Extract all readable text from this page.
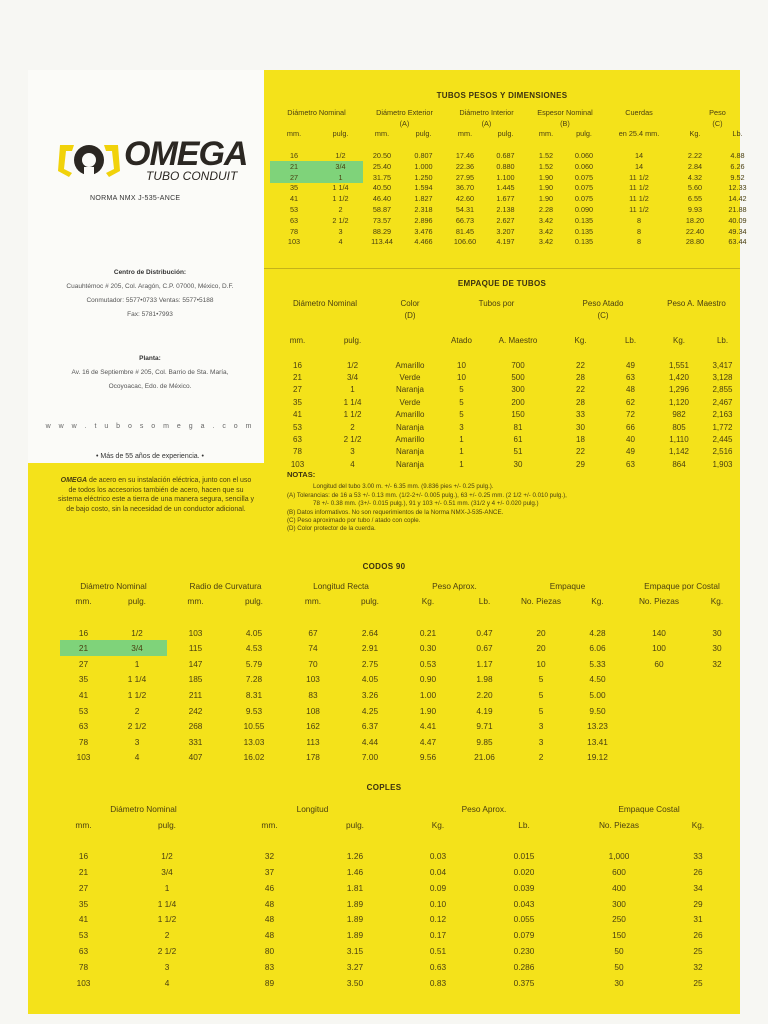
OMEGA
TUBO CONDUIT
NORMA NMX J-535-ANCE
Centro de Distribución:
Cuauhtémoc # 205, Col. Aragón, C.P. 07000, México, D.F.
Conmutador: 5577•0733 Ventas: 5577•5188
Fax: 5781•7993
Planta:
Av. 16 de Septiembre # 205, Col. Barrio de Sta. María,
Ocoyoacac, Edo. de México.
w w w . t u b o s o m e g a . c o m
• Más de 55 años de experiencia. •
OMEGA de acero en su instalación eléctrica, junto con el uso de todos los accesorios también de acero, hacen que su sistema eléctrico este a tierra de una manera segura, sencilla y de bajo costo, sin la necesidad de un conductor adicional.
TUBOS PESOS Y DIMENSIONES
Diámetro Nominal	Diámetro Exterior	Diámetro Interior	Espesor Nominal	Cuerdas	Peso
(A)	(A)	(B)	(C)
mm.	pulg.	mm.	pulg.	mm.	pulg.	mm.	pulg.	en 25.4 mm.	Kg.	Lb.
16	1/2	20.50	0.807	17.46	0.687	1.52	0.060	14	2.22	4.88
21	3/4	25.40	1.000	22.36	0.880	1.52	0.060	14	2.84	6.26
27	1	31.75	1.250	27.95	1.100	1.90	0.075	11 1/2	4.32	9.52
35	1 1/4	40.50	1.594	36.70	1.445	1.90	0.075	11 1/2	5.60	12.33
41	1 1/2	46.40	1.827	42.60	1.677	1.90	0.075	11 1/2	6.55	14.42
53	2	58.87	2.318	54.31	2.138	2.28	0.090	11 1/2	9.93	21.88
63	2 1/2	73.57	2.896	66.73	2.627	3.42	0.135	8	18.20	40.09
78	3	88.29	3.476	81.45	3.207	3.42	0.135	8	22.40	49.34
103	4	113.44	4.466	106.60	4.197	3.42	0.135	8	28.80	63.44
EMPAQUE DE TUBOS
Diámetro Nominal	Color	Tubos por	Peso Atado	Peso A. Maestro
(D)	(C)
mm.	pulg.	Atado	A. Maestro	Kg.	Lb.	Kg.	Lb.
16	1/2	Amarillo	10	700	22	49	1,551	3,417
21	3/4	Verde	10	500	28	63	1,420	3,128
27	1	Naranja	5	300	22	48	1,296	2,855
35	1 1/4	Verde	5	200	28	62	1,120	2,467
41	1 1/2	Amarillo	5	150	33	72	982	2,163
53	2	Naranja	3	81	30	66	805	1,772
63	2 1/2	Amarillo	1	61	18	40	1,110	2,445
78	3	Naranja	1	51	22	49	1,142	2,516
103	4	Naranja	1	30	29	63	864	1,903
NOTAS:
Longitud del tubo 3.00 m. +/- 6.35 mm. (9.836 pies +/- 0.25 pulg.).
(A) Tolerancias: de 16 a 53 +/- 0.13 mm. (1/2-2+/- 0.005 pulg.), 63 +/- 0.25 mm. (2 1/2 +/- 0.010 pulg.),
78 +/- 0.38 mm. (3+/- 0.015 pulg.), 91 y 103 +/- 0.51 mm. (31/2 y 4 +/- 0.020 pulg.)
(B) Datos informativos. No son requerimientos de la Norma NMX-J-535-ANCE.
(C) Peso aproximado por tubo / atado con cople.
(D) Color protector de la cuerda.
CODOS 90
Diámetro Nominal	Radio de Curvatura	Longitud Recta	Peso Aprox.	Empaque	Empaque por Costal
mm.	pulg.	mm.	pulg.	mm.	pulg.	Kg.	Lb.	No. Piezas	Kg.	No. Piezas	Kg.
16	1/2	103	4.05	67	2.64	0.21	0.47	20	4.28	140	30
21	3/4	115	4.53	74	2.91	0.30	0.67	20	6.06	100	30
27	1	147	5.79	70	2.75	0.53	1.17	10	5.33	60	32
35	1 1/4	185	7.28	103	4.05	0.90	1.98	5	4.50
41	1 1/2	211	8.31	83	3.26	1.00	2.20	5	5.00
53	2	242	9.53	108	4.25	1.90	4.19	5	9.50
63	2 1/2	268	10.55	162	6.37	4.41	9.71	3	13.23
78	3	331	13.03	113	4.44	4.47	9.85	3	13.41
103	4	407	16.02	178	7.00	9.56	21.06	2	19.12
COPLES
Diámetro Nominal	Longitud	Peso Aprox.	Empaque Costal
mm.	pulg.	mm.	pulg.	Kg.	Lb.	No. Piezas	Kg.
16	1/2	32	1.26	0.03	0.015	1,000	33
21	3/4	37	1.46	0.04	0.020	600	26
27	1	46	1.81	0.09	0.039	400	34
35	1 1/4	48	1.89	0.10	0.043	300	29
41	1 1/2	48	1.89	0.12	0.055	250	31
53	2	48	1.89	0.17	0.079	150	26
63	2 1/2	80	3.15	0.51	0.230	50	25
78	3	83	3.27	0.63	0.286	50	32
103	4	89	3.50	0.83	0.375	30	25
